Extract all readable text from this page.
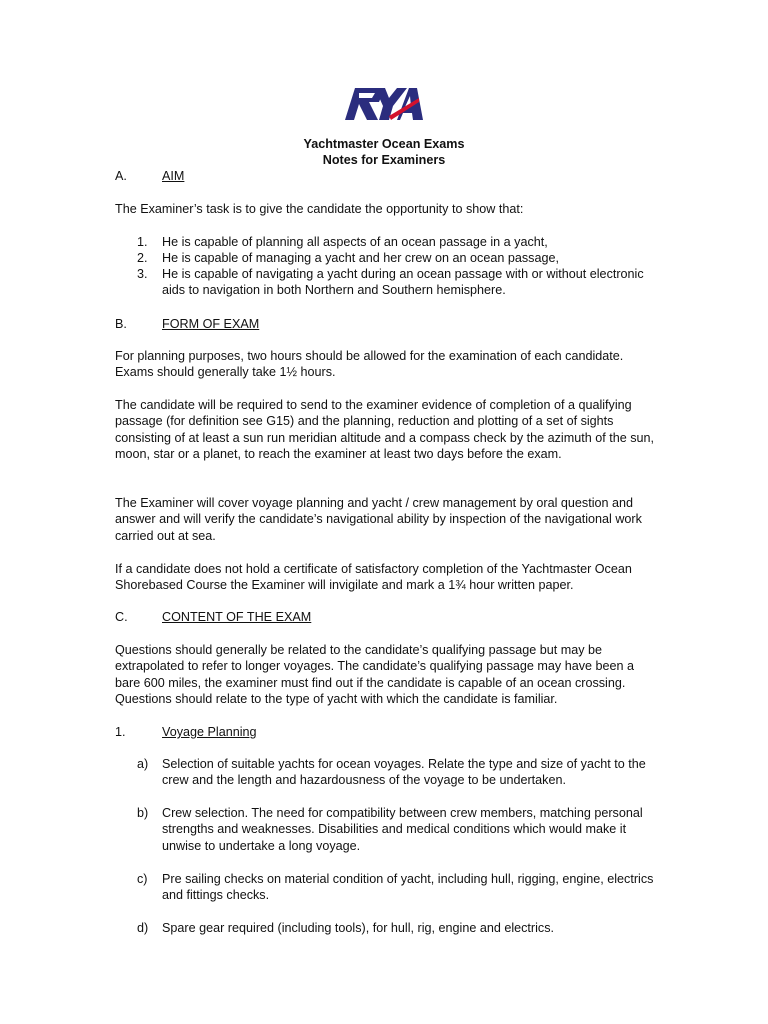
Yachtmaster Ocean Exams
Notes for Examiners
A.	AIM

The Examiner’s task is to give the candidate the opportunity to show that:

1.	He is capable of planning all aspects of an ocean passage in a yacht,
2.	He is capable of managing a yacht and her crew on an ocean passage,
3.	He is capable of navigating a yacht during an ocean passage with or without electronic aids to navigation in both Northern and Southern hemisphere.
B.	FORM OF EXAM

For planning purposes, two hours should be allowed for the examination of each candidate. Exams should generally take 1½ hours.

The candidate will be required to send to the examiner evidence of completion of a qualifying passage (for definition see G15) and the planning, reduction and plotting of a set of sights consisting of at least a sun run meridian altitude and a compass check by the azimuth of the sun, moon, star or a planet, to reach the examiner at least two days before the exam.

The Examiner will cover voyage planning and yacht / crew management by oral question and answer and will verify the candidate’s navigational ability by inspection of the navigational work carried out at sea.

If a candidate does not hold a certificate of satisfactory completion of the Yachtmaster Ocean Shorebased Course the Examiner will invigilate and mark a 1¾ hour written paper.

C.	CONTENT OF THE EXAM

Questions should generally be related to the candidate’s qualifying passage but may be extrapolated to refer to longer voyages. The candidate’s qualifying passage may have been a bare 600 miles, the examiner must find out if the candidate is capable of an ocean crossing. Questions should relate to the type of yacht with which the candidate is familiar.

1.	Voyage Planning
a)	Selection of suitable yachts for ocean voyages. Relate the type and size of yacht to the crew and the length and hazardousness of the voyage to be undertaken.
b)	Crew selection. The need for compatibility between crew members, matching personal strengths and weaknesses. Disabilities and medical conditions which would make it unwise to undertake a long voyage.
c)	Pre sailing checks on material condition of yacht, including hull, rigging, engine, electrics and fittings checks.
d)	Spare gear required (including tools), for hull, rig, engine and electrics.
